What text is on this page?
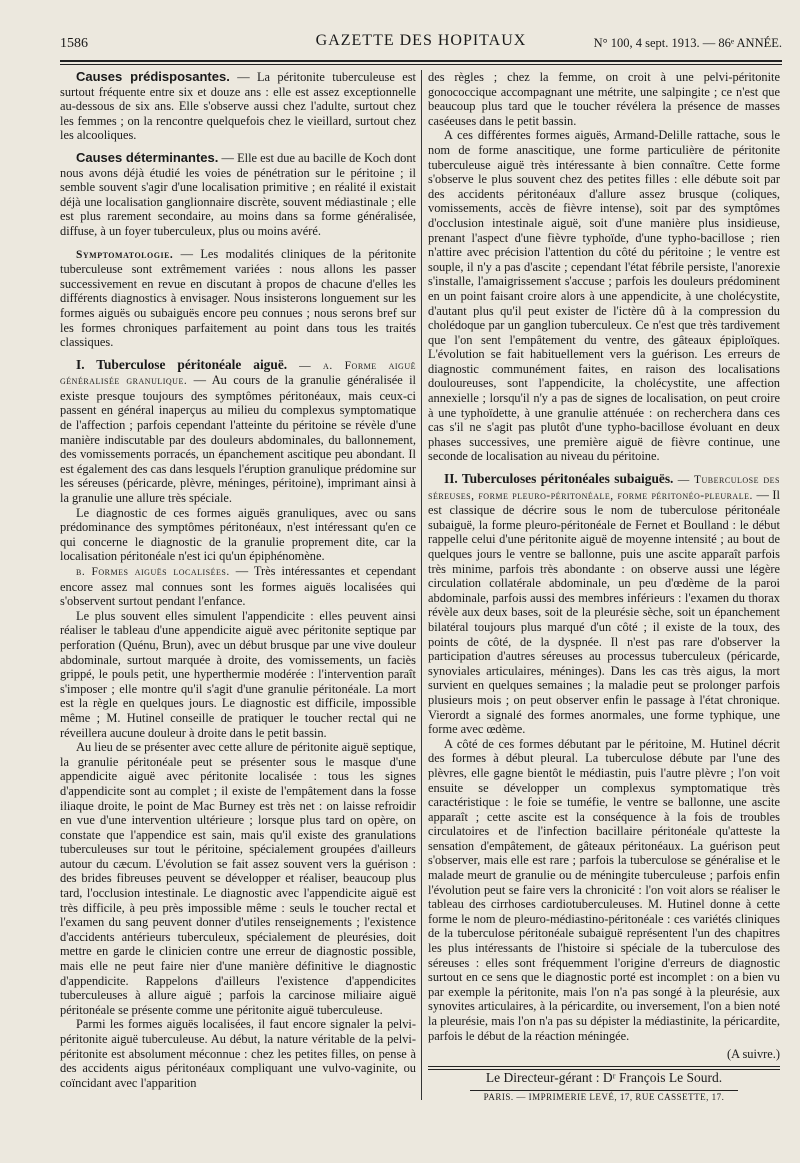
1586	GAZETTE DES HOPITAUX	N° 100, 4 sept. 1913. — 86ᵉ ANNÉE.

Causes prédisposantes. — La péritonite tuberculeuse est surtout fréquente entre six et douze ans : elle est assez exceptionnelle au-dessous de six ans. Elle s'observe aussi chez l'adulte, surtout chez les femmes ; on la rencontre quelquefois chez le vieillard, surtout chez les alcooliques.

Causes déterminantes. — Elle est due au bacille de Koch dont nous avons déjà étudié les voies de pénétration sur le péritoine ; il semble souvent s'agir d'une localisation primitive ; en réalité il existait déjà une localisation ganglionnaire discrète, souvent médiastinale ; elle est plus rarement secondaire, au moins dans sa forme généralisée, diffuse, à un foyer tuberculeux, plus ou moins avéré.

Symptomatologie. — Les modalités cliniques de la péritonite tuberculeuse sont extrêmement variées : nous allons les passer successivement en revue en discutant à propos de chacune d'elles les différents diagnostics à envisager. Nous insisterons longuement sur les formes aiguës ou subaiguës encore peu connues ; nous serons bref sur les formes chroniques parfaitement au point dans tous les traités classiques.

I. Tuberculose péritonéale aiguë. — a. Forme aiguë généralisée granulique. — Au cours de la granulie généralisée il existe presque toujours des symptômes péritonéaux, mais ceux-ci passent en général inaperçus au milieu du complexus symptomatique de l'affection ; parfois cependant l'atteinte du péritoine se révèle d'une manière indiscutable par des douleurs abdominales, du ballonnement, des vomissements porracés, un épanchement ascitique peu abondant. Il est également des cas dans lesquels l'éruption granulique prédomine sur les séreuses (péricarde, plèvre, méninges, péritoine), imprimant ainsi à la granulie une allure très spéciale.

Le diagnostic de ces formes aiguës granuliques, avec ou sans prédominance des symptômes péritonéaux, n'est intéressant qu'en ce qui concerne le diagnostic de la granulie proprement dite, car la localisation péritonéale n'est ici qu'un épiphénomène.

b. Formes aiguës localisées. — Très intéressantes et cependant encore assez mal connues sont les formes aiguës localisées qui s'observent surtout pendant l'enfance.

Le plus souvent elles simulent l'appendicite : elles peuvent ainsi réaliser le tableau d'une appendicite aiguë avec péritonite septique par perforation (Quénu, Brun), avec un début brusque par une vive douleur abdominale, surtout marquée à droite, des vomissements, un faciès grippé, le pouls petit, une hyperthermie modérée : l'intervention paraît s'imposer ; elle montre qu'il s'agit d'une granulie péritonéale. La mort est la règle en quelques jours. Le diagnostic est difficile, impossible même ; M. Hutinel conseille de pratiquer le toucher rectal qui ne réveillera aucune douleur à droite dans le petit bassin.

Au lieu de se présenter avec cette allure de péritonite aiguë septique, la granulie péritonéale peut se présenter sous le masque d'une appendicite aiguë avec péritonite localisée : tous les signes d'appendicite sont au complet ; il existe de l'empâtement dans la fosse iliaque droite, le point de Mac Burney est très net : on laisse refroidir en vue d'une intervention ultérieure ; lorsque plus tard on opère, on constate que l'appendice est sain, mais qu'il existe des granulations tuberculeuses sur tout le péritoine, spécialement groupées d'ailleurs autour du cæcum. L'évolution se fait assez souvent vers la guérison : des brides fibreuses peuvent se développer et réaliser, beaucoup plus tard, l'occlusion intestinale. Le diagnostic avec l'appendicite aiguë est très difficile, à peu près impossible même : seuls le toucher rectal et l'examen du sang peuvent donner d'utiles renseignements ; l'existence d'accidents antérieurs tuberculeux, spécialement de pleurésies, doit mettre en garde le clinicien contre une erreur de diagnostic possible, mais elle ne peut faire nier d'une manière définitive le diagnostic d'appendicite. Rappelons d'ailleurs l'existence d'appendicites tuberculeuses à allure aiguë ; parfois la carcinose miliaire aiguë péritonéale se présente comme une péritonite aiguë tuberculeuse.

Parmi les formes aiguës localisées, il faut encore signaler la pelvi-péritonite aiguë tuberculeuse. Au début, la nature véritable de la pelvi-péritonite est absolument méconnue : chez les petites filles, on pense à des accidents aigus péritonéaux compliquant une vulvo-vaginite, ou coïncidant avec l'apparition

des règles ; chez la femme, on croit à une pelvi-péritonite gonococcique accompagnant une métrite, une salpingite ; ce n'est que beaucoup plus tard que le toucher révélera la présence de masses caséeuses dans le petit bassin.

A ces différentes formes aiguës, Armand-Delille rattache, sous le nom de forme anascitique, une forme particulière de péritonite tuberculeuse aiguë très intéressante à bien connaître. Cette forme s'observe le plus souvent chez des petites filles : elle débute soit par des accidents péritonéaux d'allure assez brusque (coliques, vomissements, accès de fièvre intense), soit par des symptômes d'occlusion intestinale aiguë, soit d'une manière plus insidieuse, prenant l'aspect d'une fièvre typhoïde, d'une typho-bacillose ; rien n'attire avec précision l'attention du côté du péritoine ; le ventre est souple, il n'y a pas d'ascite ; cependant l'état fébrile persiste, l'anorexie s'installe, l'amaigrissement s'accuse ; parfois les douleurs prédominent en un point faisant croire alors à une appendicite, à une cholécystite, d'autant plus qu'il peut exister de l'ictère dû à la compression du cholédoque par un ganglion tuberculeux. Ce n'est que très tardivement que l'on sent l'empâtement du ventre, des gâteaux épiploïques. L'évolution se fait habituellement vers la guérison. Les erreurs de diagnostic communément faites, en raison des localisations douloureuses, sont l'appendicite, la cholécystite, une affection annexielle ; lorsqu'il n'y a pas de signes de localisation, on peut croire à une typhoïdette, à une granulie atténuée : on recherchera dans ces cas s'il ne s'agit pas plutôt d'une typho-bacillose évoluant en deux phases successives, une première aiguë de fièvre continue, une seconde de localisation au niveau du péritoine.

II. Tuberculoses péritonéales subaiguës. — Tuberculose des séreuses, forme pleuro-péritonéale, forme péritonéo-pleurale. — Il est classique de décrire sous le nom de tuberculose péritonéale subaiguë, la forme pleuro-péritonéale de Fernet et Boulland : le début rappelle celui d'une péritonite aiguë de moyenne intensité ; au bout de quelques jours le ventre se ballonne, puis une ascite apparaît parfois très minime, parfois très abondante : on observe aussi une légère circulation collatérale abdominale, un peu d'œdème de la paroi abdominale, parfois aussi des membres inférieurs : l'examen du thorax révèle aux deux bases, soit de la pleurésie sèche, soit un épanchement bilatéral toujours plus marqué d'un côté ; il existe de la toux, des points de côté, de la dyspnée. Il n'est pas rare d'observer la participation d'autres séreuses au processus tuberculeux (péricarde, synoviales articulaires, méninges). Dans les cas très aigus, la mort survient en quelques semaines ; la maladie peut se prolonger parfois plusieurs mois ; on peut observer enfin le passage à l'état chronique. Vierordt a signalé des formes anormales, une forme typhique, une forme avec œdème.

A côté de ces formes débutant par le péritoine, M. Hutinel décrit des formes à début pleural. La tuberculose débute par l'une des plèvres, elle gagne bientôt le médiastin, puis l'autre plèvre ; l'on voit ensuite se développer un complexus symptomatique très caractéristique : le foie se tuméfie, le ventre se ballonne, une ascite apparaît ; cette ascite est la conséquence à la fois de troubles circulatoires et de l'infection bacillaire péritonéale qu'atteste la sensation d'empâtement, de gâteaux péritonéaux. La guérison peut s'observer, mais elle est rare ; parfois la tuberculose se généralise et le malade meurt de granulie ou de méningite tuberculeuse ; parfois enfin l'évolution peut se faire vers la chronicité : l'on voit alors se réaliser le tableau des cirrhoses cardiotuberculeuses. M. Hutinel donne à cette forme le nom de pleuro-médiastino-péritonéale : ces variétés cliniques de la tuberculose péritonéale subaiguë représentent l'un des chapitres les plus intéressants de l'histoire si spéciale de la tuberculose des séreuses : elles sont fréquemment l'origine d'erreurs de diagnostic surtout en ce sens que le diagnostic porté est incomplet : on a bien vu par exemple la péritonite, mais l'on n'a pas songé à la pleurésie, aux synovites articulaires, à la péricardite, ou inversement, l'on a bien noté la pleurésie, mais l'on n'a pas su dépister la médiastinite, la péricardite, parfois le début de la réaction méningée.

(A suivre.)
Le Directeur-gérant : Dʳ François Le Sourd.
PARIS. — IMPRIMERIE LEVÉ, 17, RUE CASSETTE, 17.
